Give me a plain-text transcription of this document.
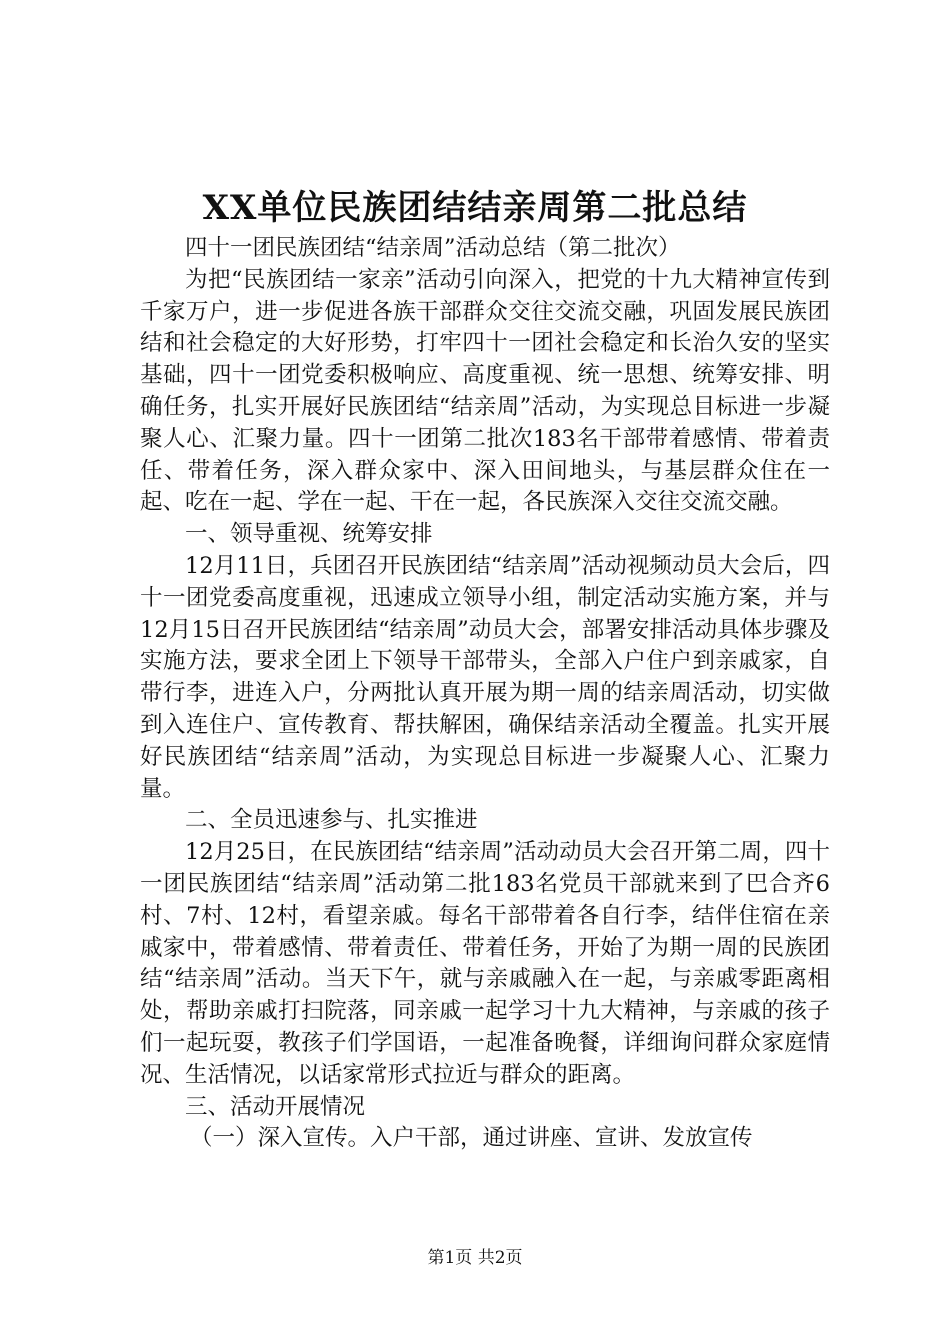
XX单位民族团结结亲周第二批总结

四十一团民族团结“结亲周”活动总结（第二批次）

为把“民族团结一家亲”活动引向深入，把党的十九大精神宣传到千家万户，进一步促进各族干部群众交往交流交融，巩固发展民族团结和社会稳定的大好形势，打牢四十一团社会稳定和长治久安的坚实基础，四十一团党委积极响应、高度重视、统一思想、统筹安排、明确任务，扎实开展好民族团结“结亲周”活动，为实现总目标进一步凝聚人心、汇聚力量。四十一团第二批次183名干部带着感情、带着责任、带着任务，深入群众家中、深入田间地头，与基层群众住在一起、吃在一起、学在一起、干在一起，各民族深入交往交流交融。

一、领导重视、统筹安排

12月11日，兵团召开民族团结“结亲周”活动视频动员大会后，四十一团党委高度重视，迅速成立领导小组，制定活动实施方案，并与12月15日召开民族团结“结亲周”动员大会，部署安排活动具体步骤及实施方法，要求全团上下领导干部带头，全部入户住户到亲戚家，自带行李，进连入户，分两批认真开展为期一周的结亲周活动，切实做到入连住户、宣传教育、帮扶解困，确保结亲活动全覆盖。扎实开展好民族团结“结亲周”活动，为实现总目标进一步凝聚人心、汇聚力量。

二、全员迅速参与、扎实推进

12月25日，在民族团结“结亲周”活动动员大会召开第二周，四十一团民族团结“结亲周”活动第二批183名党员干部就来到了巴合齐6村、7村、12村，看望亲戚。每名干部带着各自行李，结伴住宿在亲戚家中，带着感情、带着责任、带着任务，开始了为期一周的民族团结“结亲周”活动。当天下午，就与亲戚融入在一起，与亲戚零距离相处，帮助亲戚打扫院落，同亲戚一起学习十九大精神，与亲戚的孩子们一起玩耍，教孩子们学国语，一起准备晚餐，详细询问群众家庭情况、生活情况，以话家常形式拉近与群众的距离。

三、活动开展情况

（一）深入宣传。入户干部，通过讲座、宣讲、发放宣传

第1页 共2页
